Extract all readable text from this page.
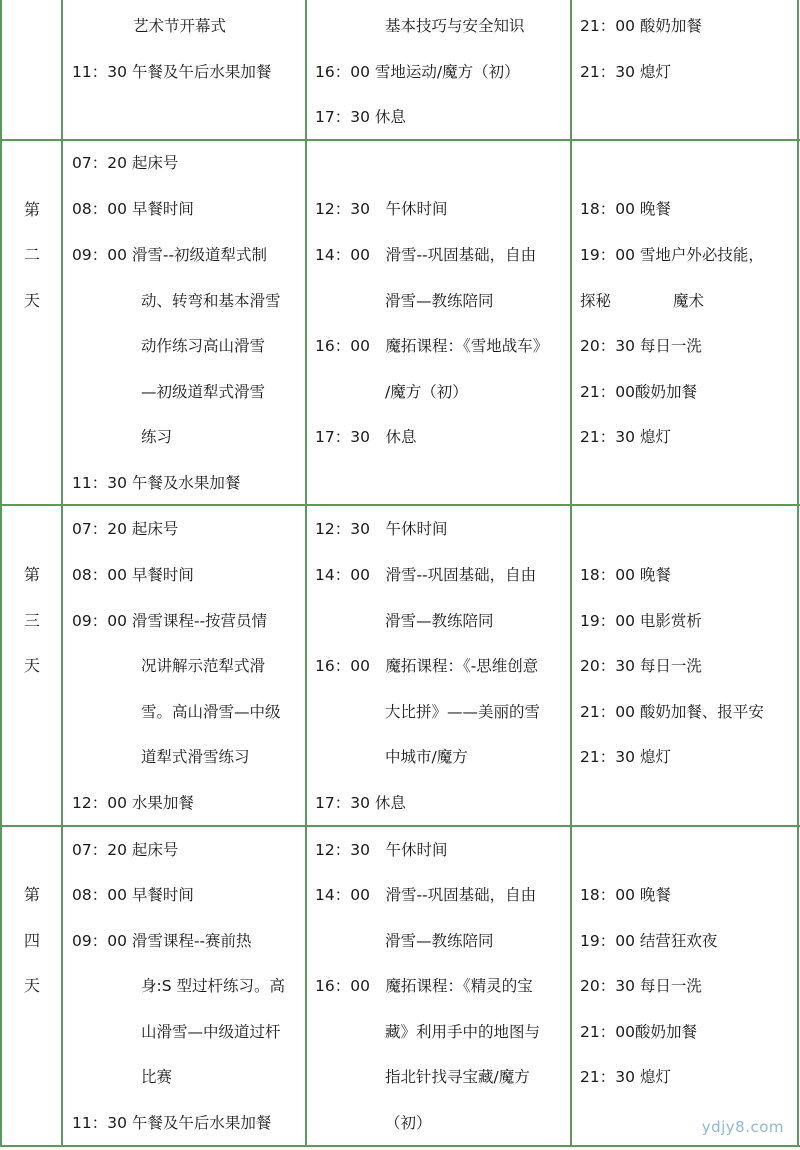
艺术节开幕式
11：30 午餐及午后水果加餐
基本技巧与安全知识
16：00 雪地运动/魔方（初）
17：30 休息
21：00 酸奶加餐
21：30 熄灯
第
二
天
07：20 起床号
08：00 早餐时间
09：00 滑雪--初级道犁式制
动、转弯和基本滑雪
动作练习高山滑雪
—初级道犁式滑雪
练习
11：30 午餐及水果加餐
12：30　午休时间
14：00　滑雪--巩固基础，自由
滑雪—教练陪同
16：00　魔拓课程：《雪地战车》
/魔方（初）
17：30　休息
18：00 晚餐
19：00 雪地户外必技能，
探秘　　　　魔术
20：30 每日一洗
21：00酸奶加餐
21：30 熄灯
第
三
天
07：20 起床号
08：00 早餐时间
09：00 滑雪课程--按营员情
况讲解示范犁式滑
雪。高山滑雪—中级
道犁式滑雪练习
12：00 水果加餐
12：30　午休时间
14：00　滑雪--巩固基础，自由
滑雪—教练陪同
16：00　魔拓课程：《-思维创意
大比拼》——美丽的雪
中城市/魔方
17：30 休息
18：00 晚餐
19：00 电影赏析
20：30 每日一洗
21：00 酸奶加餐、报平安
21：30 熄灯
第
四
天
07：20 起床号
08：00 早餐时间
09：00 滑雪课程--赛前热
身:S 型过杆练习。高
山滑雪—中级道过杆
比赛
11：30 午餐及午后水果加餐
12：30　午休时间
14：00　滑雪--巩固基础，自由
滑雪—教练陪同
16：00　魔拓课程：《精灵的宝
藏》利用手中的地图与
指北针找寻宝藏/魔方
（初）
18：00 晚餐
19：00 结营狂欢夜
20：30 每日一洗
21：00酸奶加餐
21：30 熄灯
ydjy8.com
